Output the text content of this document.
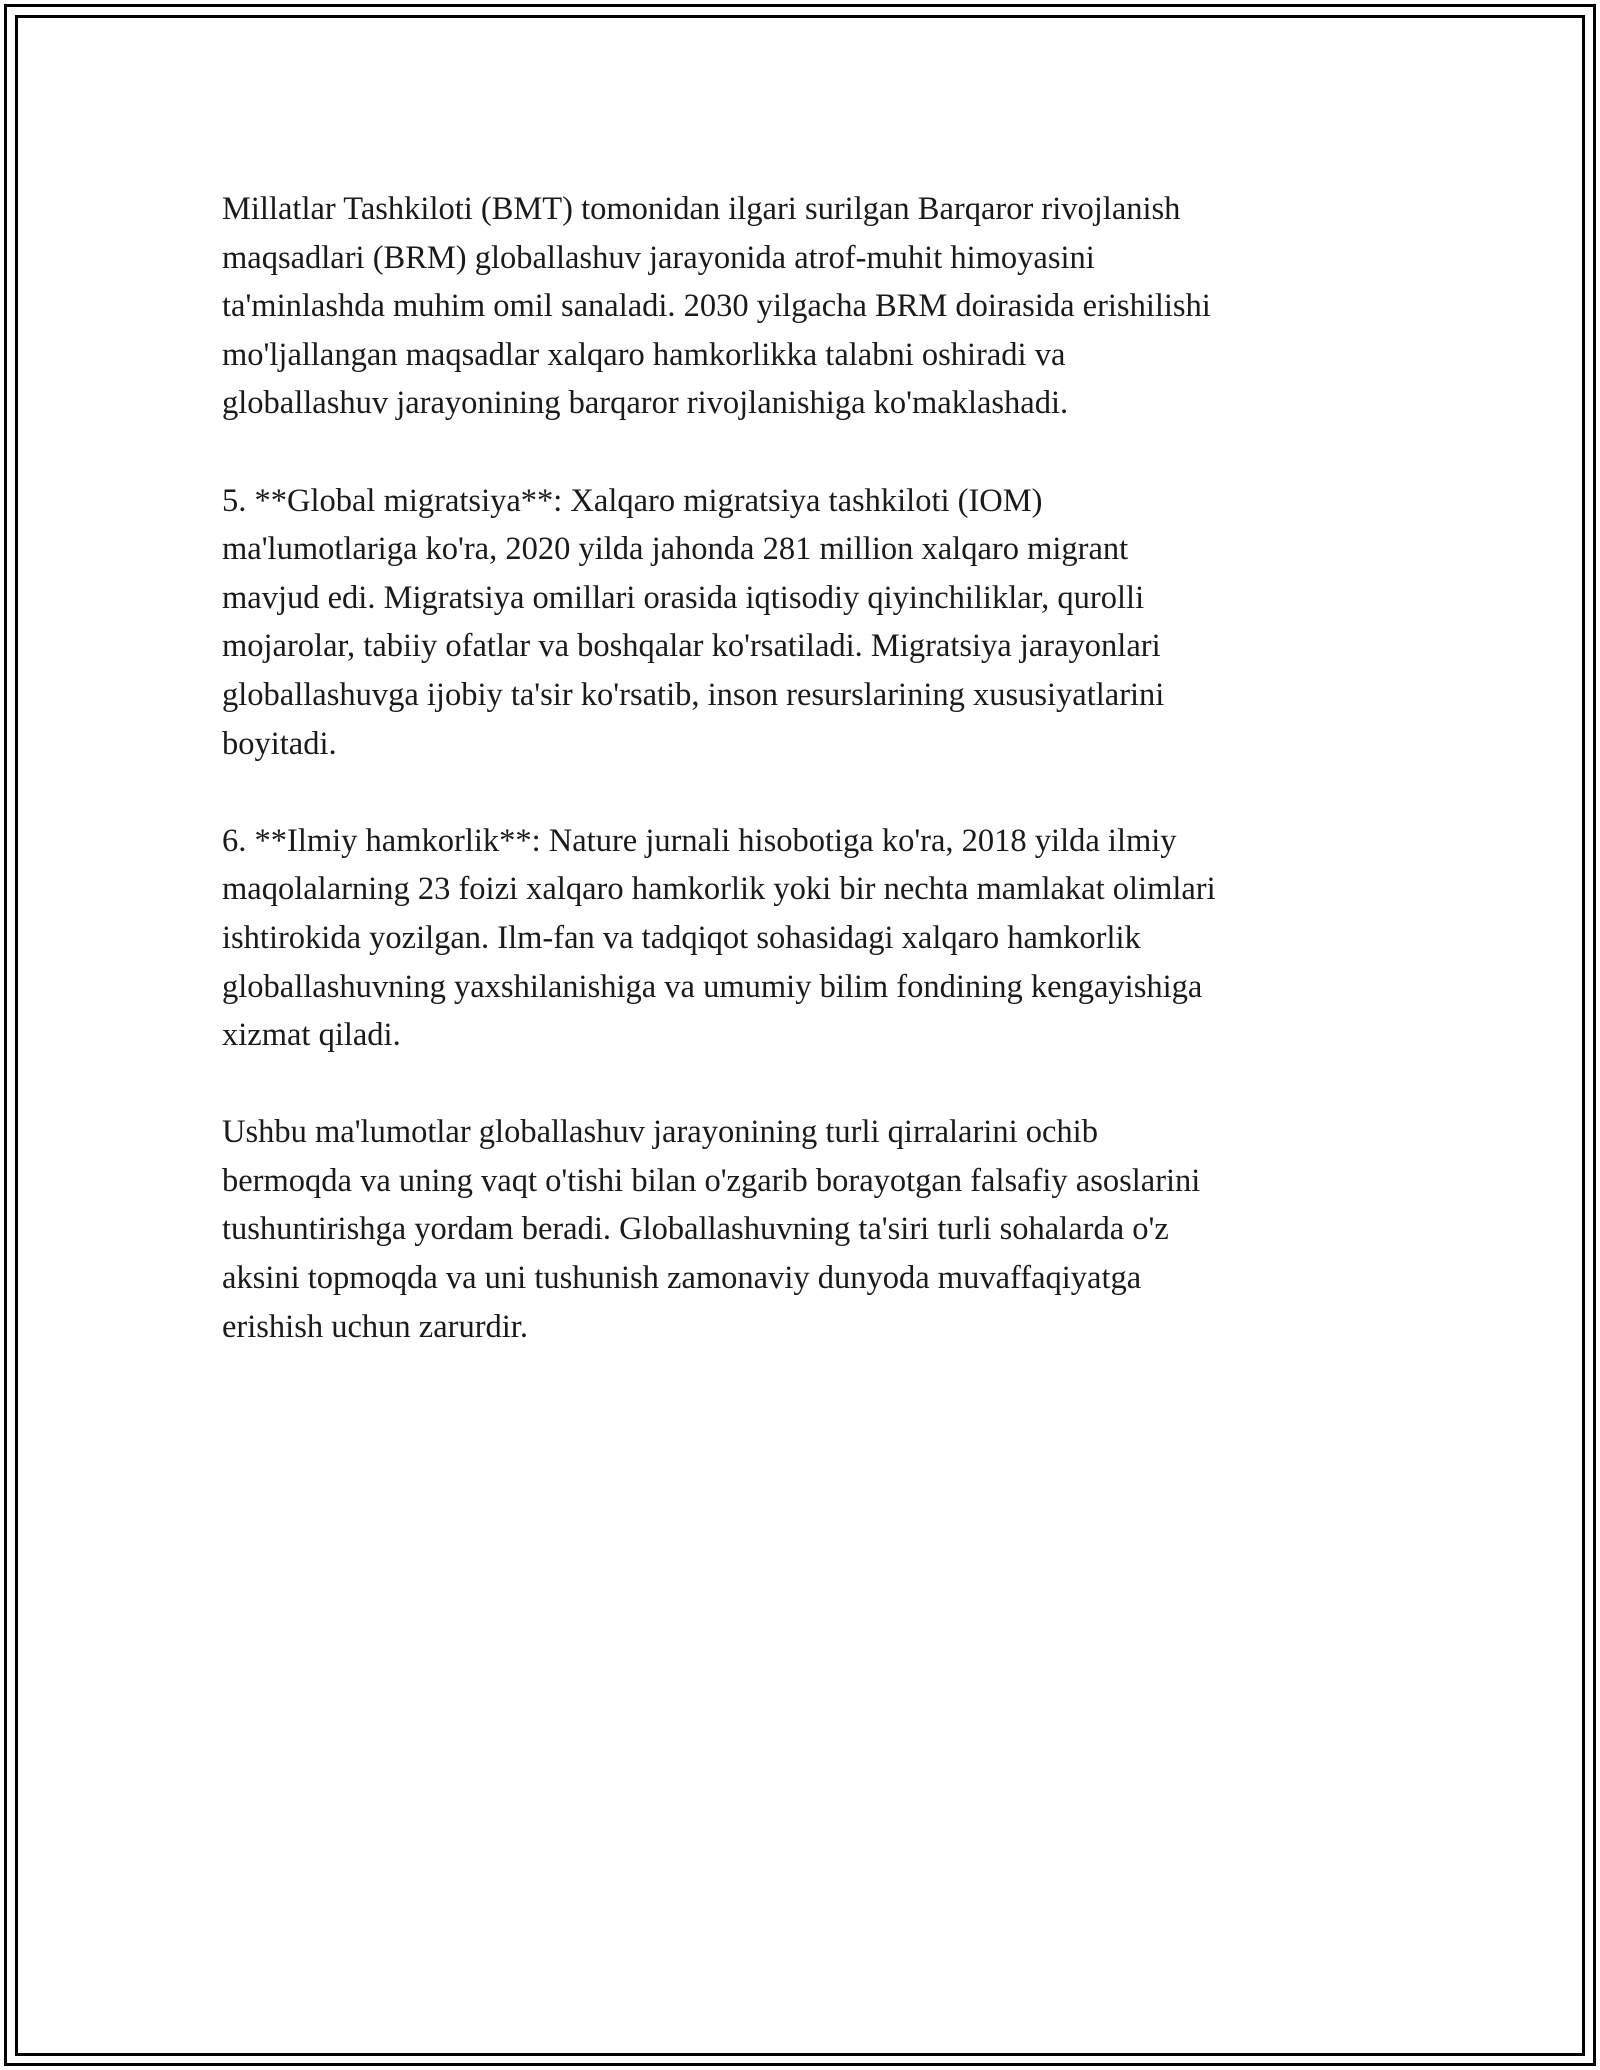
Millatlar Tashkiloti (BMT) tomonidan ilgari surilgan Barqaror rivojlanish
maqsadlari (BRM) globallashuv jarayonida atrof-muhit himoyasini
ta'minlashda muhim omil sanaladi. 2030 yilgacha BRM doirasida erishilishi
mo'ljallangan maqsadlar xalqaro hamkorlikka talabni oshiradi va
globallashuv jarayonining barqaror rivojlanishiga ko'maklashadi.

5. **Global migratsiya**: Xalqaro migratsiya tashkiloti (IOM)
ma'lumotlariga ko'ra, 2020 yilda jahonda 281 million xalqaro migrant
mavjud edi. Migratsiya omillari orasida iqtisodiy qiyinchiliklar, qurolli
mojarolar, tabiiy ofatlar va boshqalar ko'rsatiladi. Migratsiya jarayonlari
globallashuvga ijobiy ta'sir ko'rsatib, inson resurslarining xususiyatlarini
boyitadi.

6. **Ilmiy hamkorlik**: Nature jurnali hisobotiga ko'ra, 2018 yilda ilmiy
maqolalarning 23 foizi xalqaro hamkorlik yoki bir nechta mamlakat olimlari
ishtirokida yozilgan. Ilm-fan va tadqiqot sohasidagi xalqaro hamkorlik
globallashuvning yaxshilanishiga va umumiy bilim fondining kengayishiga
xizmat qiladi.

Ushbu ma'lumotlar globallashuv jarayonining turli qirralarini ochib
bermoqda va uning vaqt o'tishi bilan o'zgarib borayotgan falsafiy asoslarini
tushuntirishga yordam beradi. Globallashuvning ta'siri turli sohalarda o'z
aksini topmoqda va uni tushunish zamonaviy dunyoda muvaffaqiyatga
erishish uchun zarurdir.
